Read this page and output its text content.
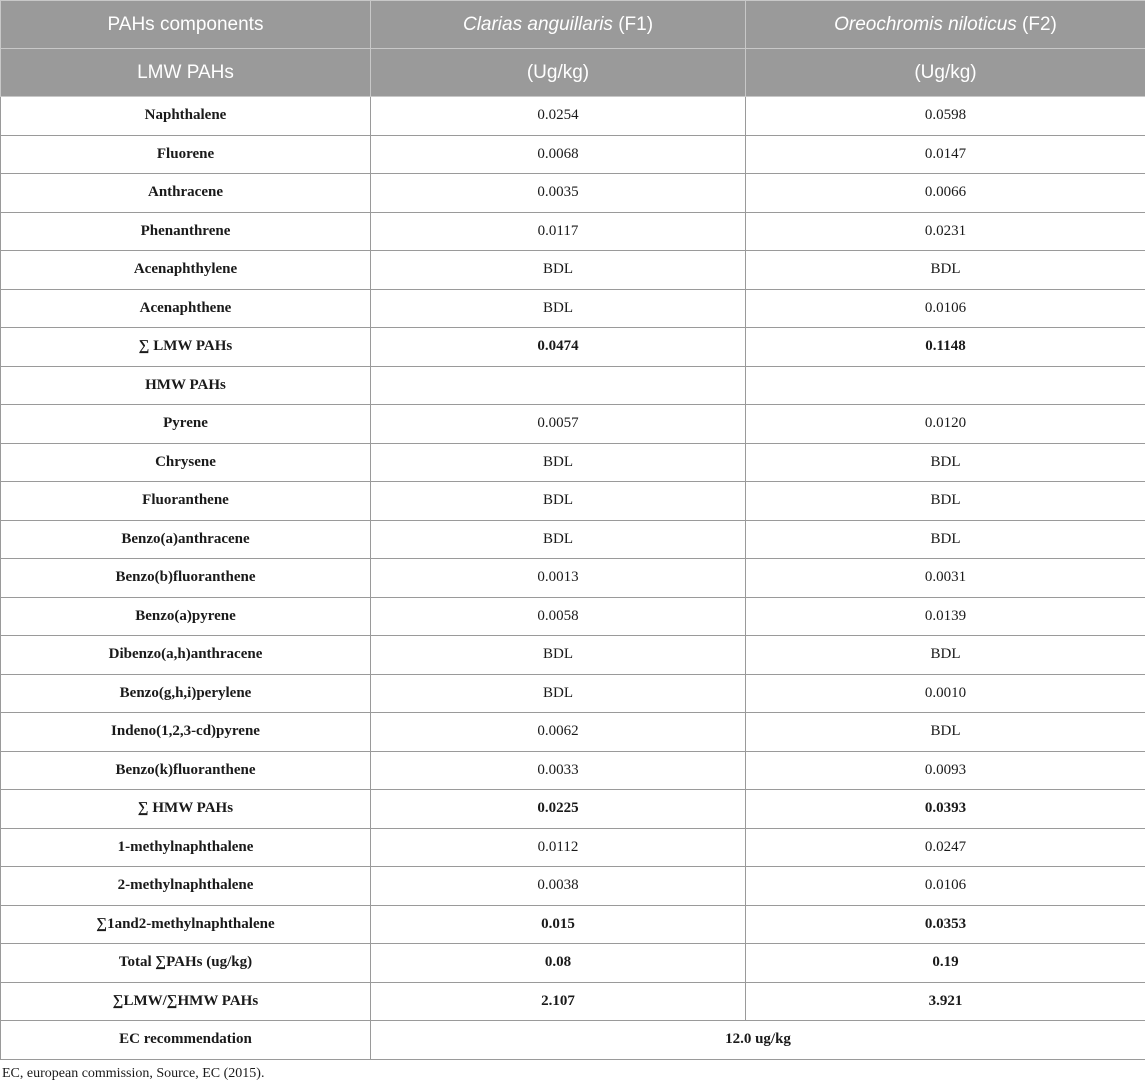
PAHs components	Clarias anguillaris (F1)	Oreochromis niloticus (F2)
LMW PAHs	(Ug/kg)	(Ug/kg)
Naphthalene	0.0254	0.0598
Fluorene	0.0068	0.0147
Anthracene	0.0035	0.0066
Phenanthrene	0.0117	0.0231
Acenaphthylene	BDL	BDL
Acenaphthene	BDL	0.0106
∑ LMW PAHs	0.0474	0.1148
HMW PAHs		
Pyrene	0.0057	0.0120
Chrysene	BDL	BDL
Fluoranthene	BDL	BDL
Benzo(a)anthracene	BDL	BDL
Benzo(b)fluoranthene	0.0013	0.0031
Benzo(a)pyrene	0.0058	0.0139
Dibenzo(a,h)anthracene	BDL	BDL
Benzo(g,h,i)perylene	BDL	0.0010
Indeno(1,2,3-cd)pyrene	0.0062	BDL
Benzo(k)fluoranthene	0.0033	0.0093
∑ HMW PAHs	0.0225	0.0393
1-methylnaphthalene	0.0112	0.0247
2-methylnaphthalene	0.0038	0.0106
∑1and2-methylnaphthalene	0.015	0.0353
Total ∑PAHs (ug/kg)	0.08	0.19
∑LMW/∑HMW PAHs	2.107	3.921
EC recommendation	12.0 ug/kg	
EC, european commission, Source, EC (2015).
